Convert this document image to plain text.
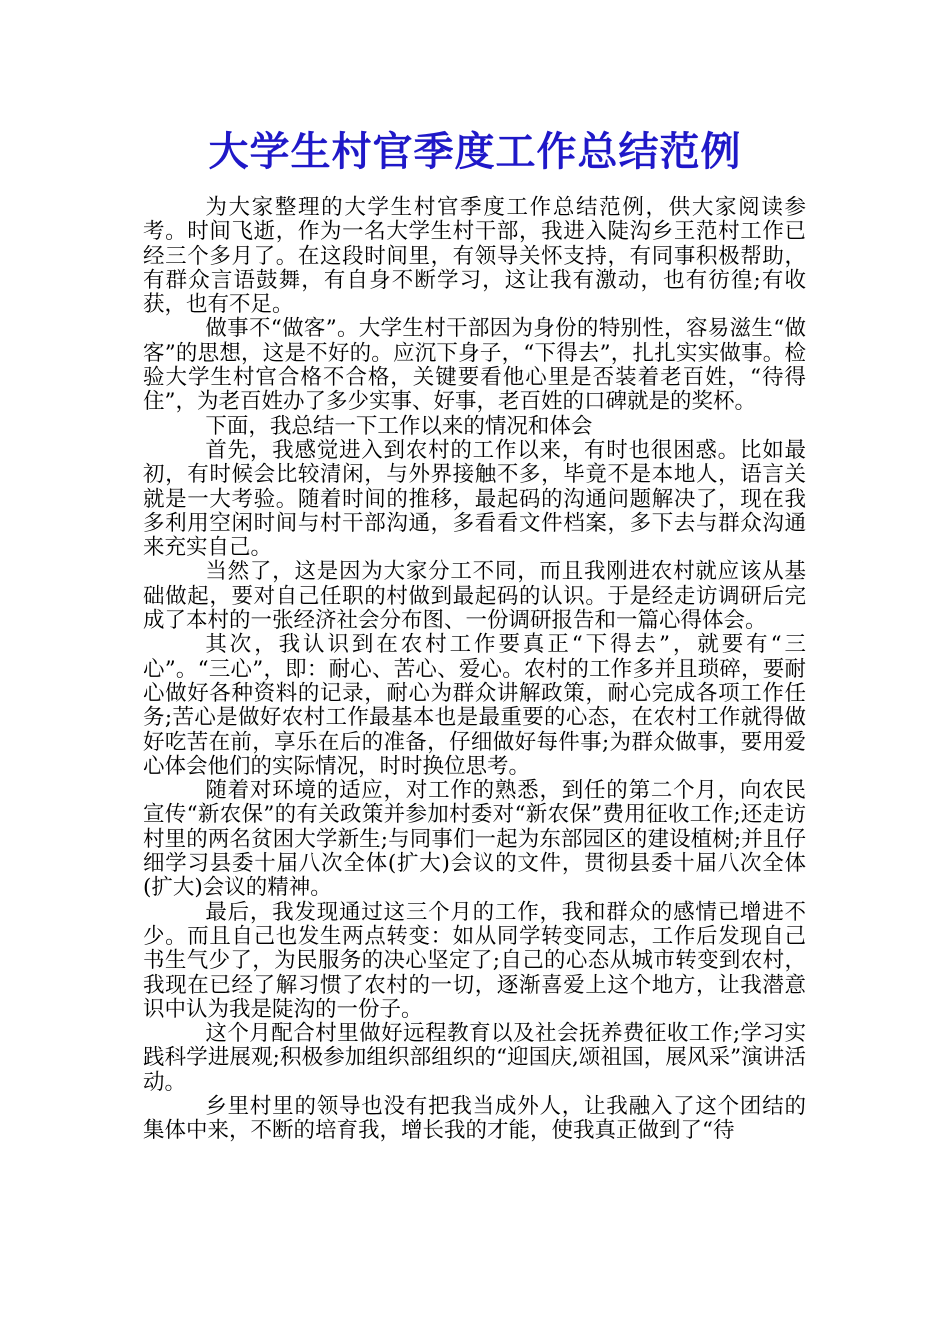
大学生村官季度工作总结范例

为大家整理的大学生村官季度工作总结范例，供大家阅读参考。时间飞逝，作为一名大学生村干部，我进入陡沟乡王范村工作已经三个多月了。在这段时间里，有领导关怀支持，有同事积极帮助，有群众言语鼓舞，有自身不断学习，这让我有激动，也有彷徨;有收获，也有不足。

做事不“做客”。大学生村干部因为身份的特别性，容易滋生“做客”的思想，这是不好的。应沉下身子，“下得去”，扎扎实实做事。检验大学生村官合格不合格，关键要看他心里是否装着老百姓，“待得住”，为老百姓办了多少实事、好事，老百姓的口碑就是的奖杯。

下面，我总结一下工作以来的情况和体会

首先，我感觉进入到农村的工作以来，有时也很困惑。比如最初，有时候会比较清闲，与外界接触不多，毕竟不是本地人，语言关就是一大考验。随着时间的推移，最起码的沟通问题解决了，现在我多利用空闲时间与村干部沟通，多看看文件档案，多下去与群众沟通来充实自己。

当然了，这是因为大家分工不同，而且我刚进农村就应该从基础做起，要对自己任职的村做到最起码的认识。于是经走访调研后完成了本村的一张经济社会分布图、一份调研报告和一篇心得体会。

其次，我认识到在农村工作要真正“下得去”，就要有“三心”。“三心”，即：耐心、苦心、爱心。农村的工作多并且琐碎，要耐心做好各种资料的记录，耐心为群众讲解政策，耐心完成各项工作任务;苦心是做好农村工作最基本也是最重要的心态，在农村工作就得做好吃苦在前，享乐在后的准备，仔细做好每件事;为群众做事，要用爱心体会他们的实际情况，时时换位思考。

随着对环境的适应，对工作的熟悉，到任的第二个月，向农民宣传“新农保”的有关政策并参加村委对“新农保”费用征收工作;还走访村里的两名贫困大学新生;与同事们一起为东部园区的建设植树;并且仔细学习县委十届八次全体(扩大)会议的文件，贯彻县委十届八次全体(扩大)会议的精神。

最后，我发现通过这三个月的工作，我和群众的感情已增进不少。而且自己也发生两点转变：如从同学转变同志，工作后发现自己书生气少了，为民服务的决心坚定了;自己的心态从城市转变到农村，我现在已经了解习惯了农村的一切，逐渐喜爱上这个地方，让我潜意识中认为我是陡沟的一份子。

这个月配合村里做好远程教育以及社会抚养费征收工作;学习实践科学进展观;积极参加组织部组织的“迎国庆,颂祖国，展风采”演讲活动。

乡里村里的领导也没有把我当成外人，让我融入了这个团结的集体中来，不断的培育我，增长我的才能，使我真正做到了“待
